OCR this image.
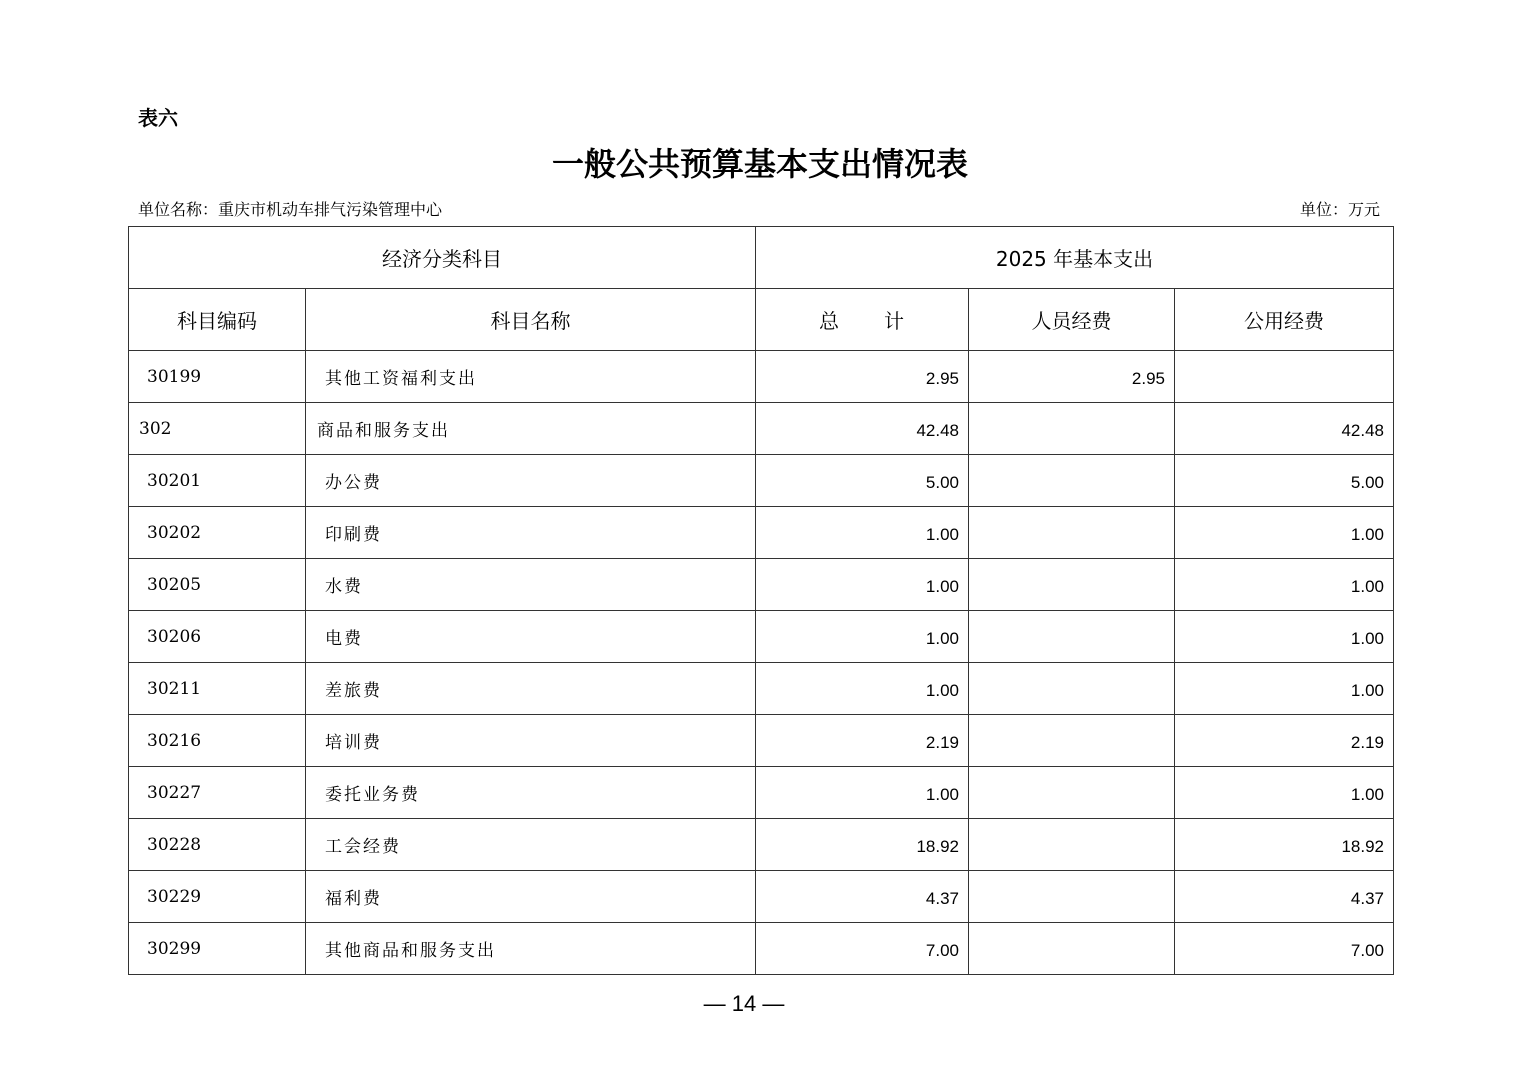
表六
一般公共预算基本支出情况表
单位名称：重庆市机动车排气污染管理中心	单位：万元
经济分类科目		2025 年基本支出		
科目编码	科目名称	总 计	人员经费	公用经费
30199	其他工资福利支出	2.95	2.95	
302	商品和服务支出	42.48		42.48
30201	办公费	5.00		5.00
30202	印刷费	1.00		1.00
30205	水费	1.00		1.00
30206	电费	1.00		1.00
30211	差旅费	1.00		1.00
30216	培训费	2.19		2.19
30227	委托业务费	1.00		1.00
30228	工会经费	18.92		18.92
30229	福利费	4.37		4.37
30299	其他商品和服务支出	7.00		7.00
— 14 —
